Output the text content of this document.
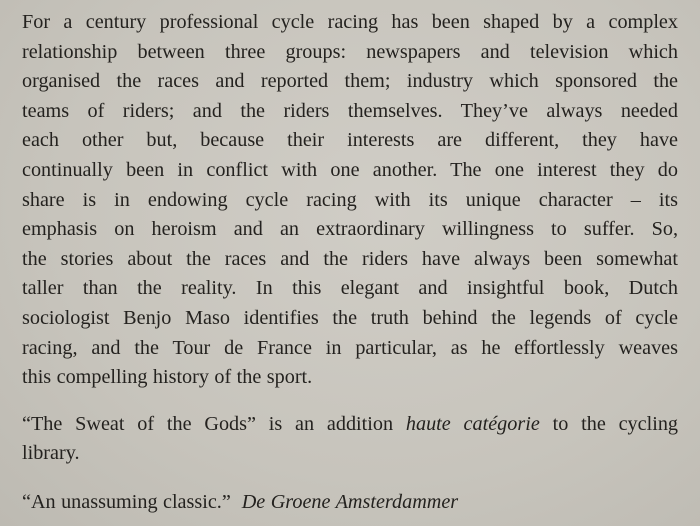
For a century professional cycle racing has been shaped by a complex
relationship between three groups: newspapers and television which
organised the races and reported them; industry which sponsored the
teams of riders; and the riders themselves. They’ve always needed
each other but, because their interests are different, they have
continually been in conflict with one another. The one interest they do
share is in endowing cycle racing with its unique character – its
emphasis on heroism and an extraordinary willingness to suffer. So,
the stories about the races and the riders have always been somewhat
taller than the reality. In this elegant and insightful book, Dutch
sociologist Benjo Maso identifies the truth behind the legends of cycle
racing, and the Tour de France in particular, as he effortlessly weaves
this compelling history of the sport.

“The Sweat of the Gods” is an addition haute catégorie to the cycling
library.

“An unassuming classic.” De Groene Amsterdammer
